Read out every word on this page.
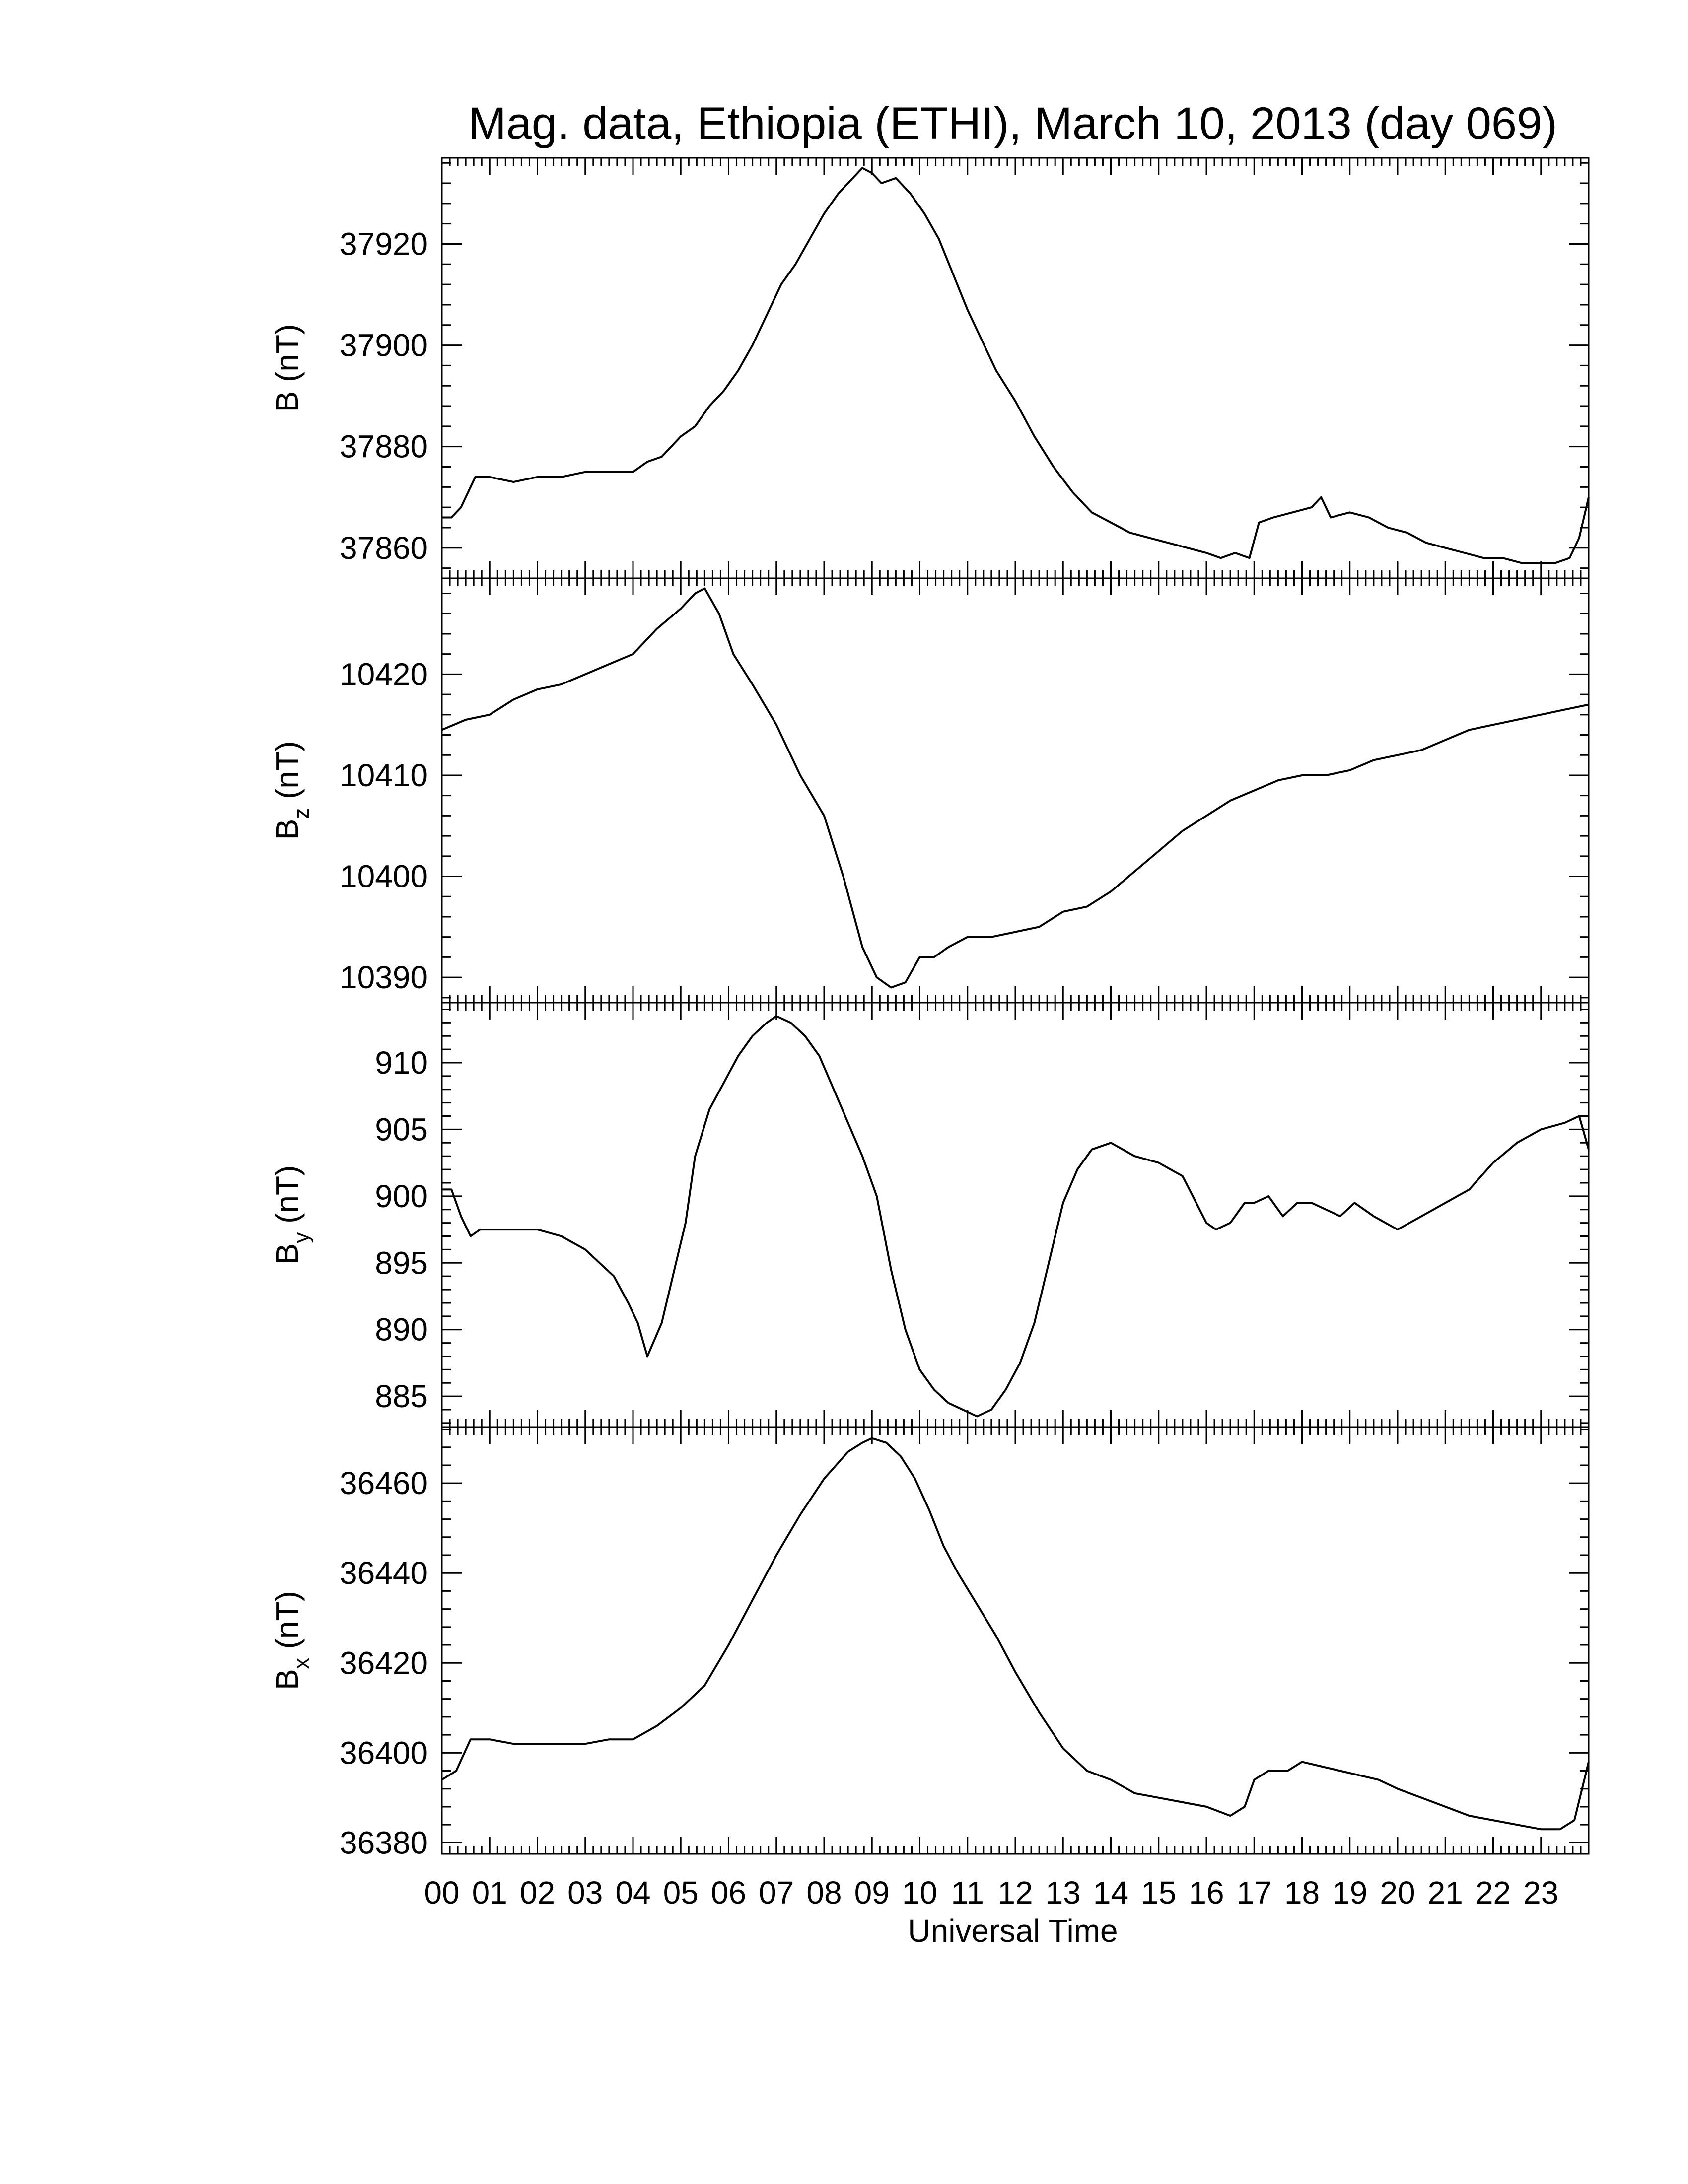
Mag. data, Ethiopia (ETHI), March 10, 2013 (day 069)
37860
37880
37900
37920
B (nT)
10390
10400
10410
10420
$B_z$ (nT)
885
890
895
900
905
910
$B_y$ (nT)
36380
36400
36420
36440
36460
$B_x$ (nT)
00 01 02 03 04 05 06 07 08 09 10 11 12 13 14 15 16 17 18 19 20 21 22 23
Universal Time
